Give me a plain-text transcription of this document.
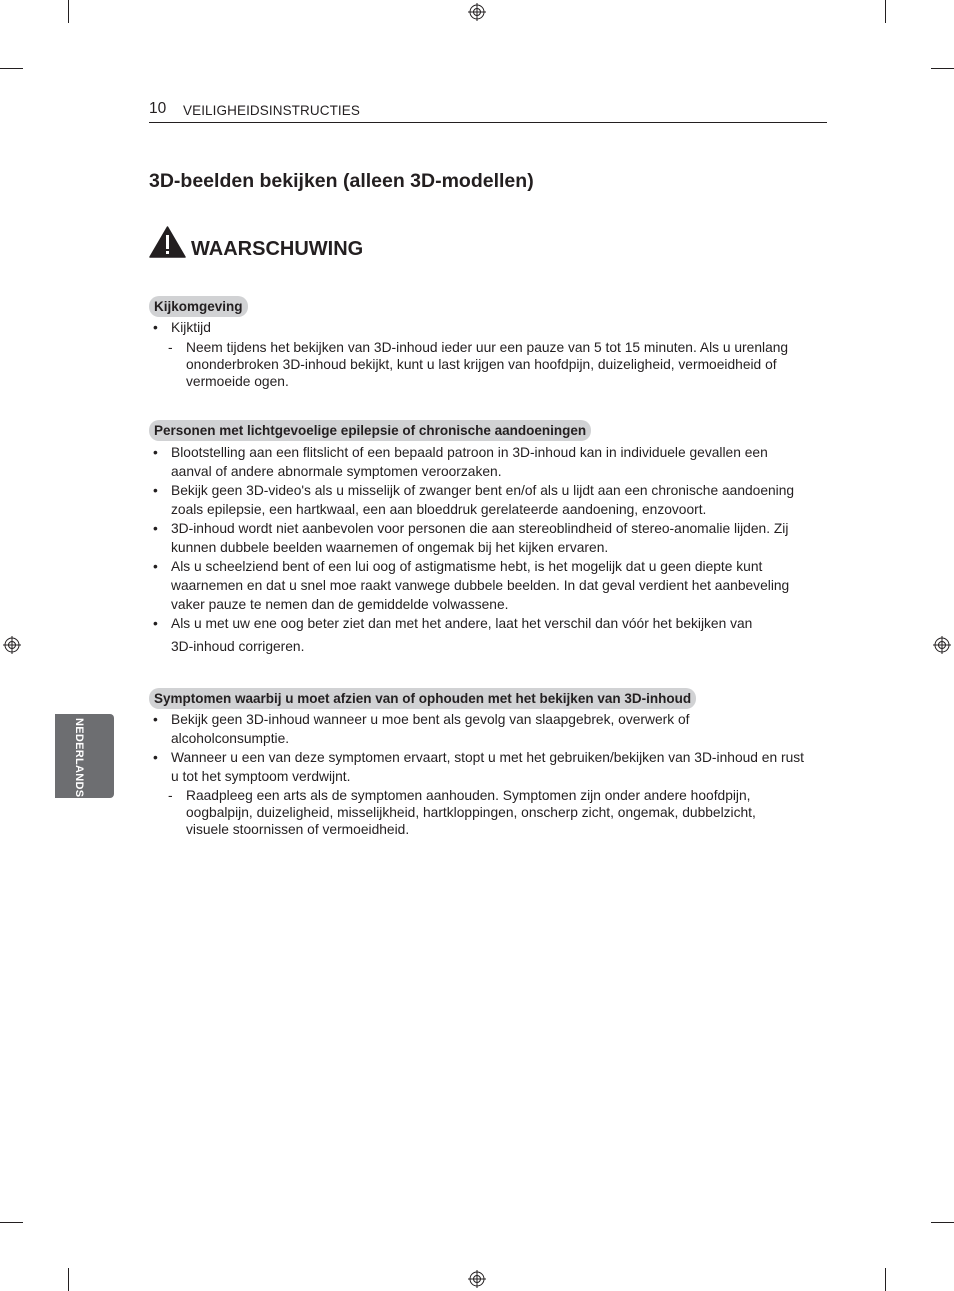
10 VEILIGHEIDSINSTRUCTIES
3D-beelden bekijken (alleen 3D-modellen)
WAARSCHUWING
Kijkomgeving
• Kijktijd
- Neem tijdens het bekijken van 3D-inhoud ieder uur een pauze van 5 tot 15 minuten. Als u urenlang
ononderbroken 3D-inhoud bekijkt, kunt u last krijgen van hoofdpijn, duizeligheid, vermoeidheid of
vermoeide ogen.
Personen met lichtgevoelige epilepsie of chronische aandoeningen
• Blootstelling aan een flitslicht of een bepaald patroon in 3D-inhoud kan in individuele gevallen een
aanval of andere abnormale symptomen veroorzaken.
• Bekijk geen 3D-video's als u misselijk of zwanger bent en/of als u lijdt aan een chronische aandoening
zoals epilepsie, een hartkwaal, een aan bloeddruk gerelateerde aandoening, enzovoort.
• 3D-inhoud wordt niet aanbevolen voor personen die aan stereoblindheid of stereo-anomalie lijden. Zij
kunnen dubbele beelden waarnemen of ongemak bij het kijken ervaren.
• Als u scheelziend bent of een lui oog of astigmatisme hebt, is het mogelijk dat u geen diepte kunt
waarnemen en dat u snel moe raakt vanwege dubbele beelden. In dat geval verdient het aanbeveling
vaker pauze te nemen dan de gemiddelde volwassene.
• Als u met uw ene oog beter ziet dan met het andere, laat het verschil dan vóór het bekijken van
3D-inhoud corrigeren.
Symptomen waarbij u moet afzien van of ophouden met het bekijken van 3D-inhoud
• Bekijk geen 3D-inhoud wanneer u moe bent als gevolg van slaapgebrek, overwerk of
alcoholconsumptie.
• Wanneer u een van deze symptomen ervaart, stopt u met het gebruiken/bekijken van 3D-inhoud en rust
u tot het symptoom verdwijnt.
- Raadpleeg een arts als de symptomen aanhouden. Symptomen zijn onder andere hoofdpijn,
oogbalpijn, duizeligheid, misselijkheid, hartkloppingen, onscherp zicht, ongemak, dubbelzicht,
visuele stoornissen of vermoeidheid.
NEDERLANDS
